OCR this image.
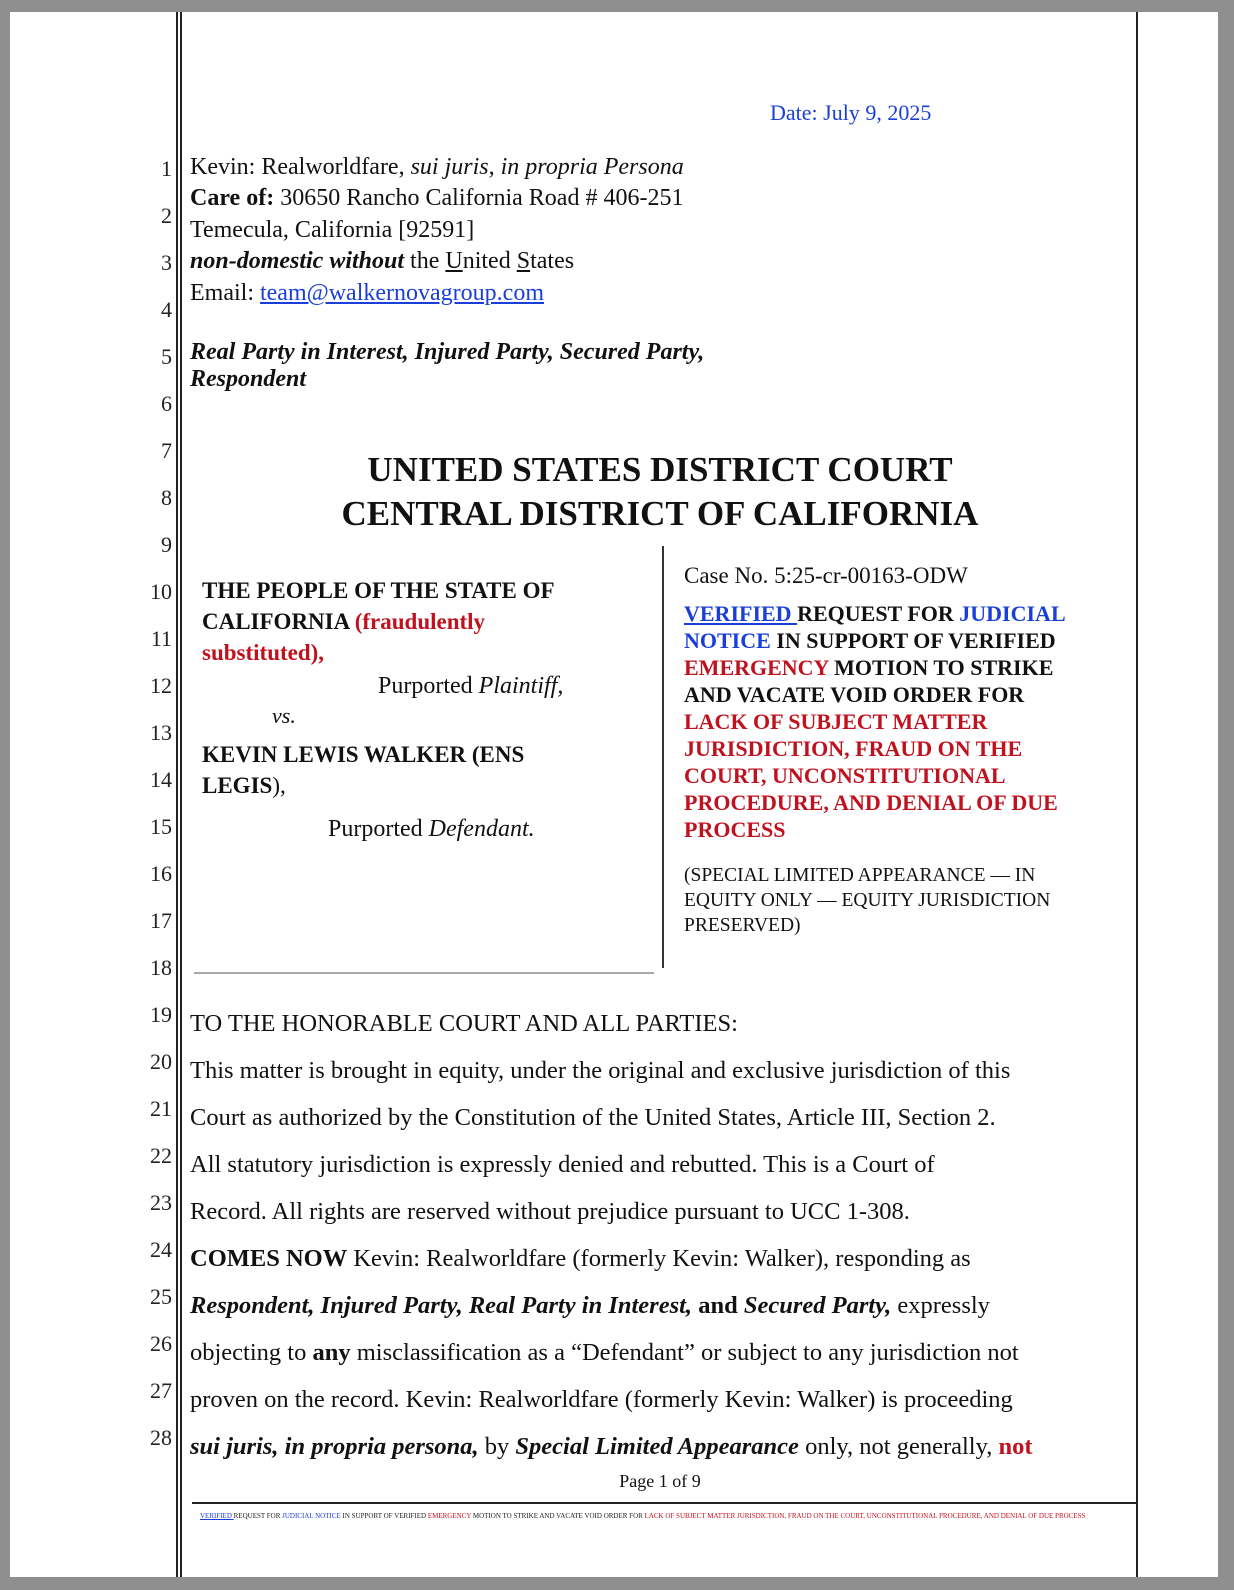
1
2
3
4
5
6
7
8
9
10
11
12
13
14
15
16
17
18
19
20
21
22
23
24
25
26
27
28
Date: July 9, 2025
Kevin: Realworldfare, sui juris, in propria Persona
Care of: 30650 Rancho California Road # 406-251
Temecula, California [92591]
non-domestic without the United States
Email: team@walkernovagroup.com
Real Party in Interest, Injured Party, Secured Party,
Respondent
UNITED STATES DISTRICT COURT
CENTRAL DISTRICT OF CALIFORNIA
THE PEOPLE OF THE STATE OF
CALIFORNIA (fraudulently
substituted),
Purported Plaintiff,
vs.
KEVIN LEWIS WALKER (ENS
LEGIS),
Purported Defendant.
Case No. 5:25-cr-00163-ODW
VERIFIED REQUEST FOR JUDICIAL
NOTICE IN SUPPORT OF VERIFIED
EMERGENCY MOTION TO STRIKE
AND VACATE VOID ORDER FOR
LACK OF SUBJECT MATTER
JURISDICTION, FRAUD ON THE
COURT, UNCONSTITUTIONAL
PROCEDURE, AND DENIAL OF DUE
PROCESS
(SPECIAL LIMITED APPEARANCE — IN
EQUITY ONLY — EQUITY JURISDICTION
PRESERVED)
TO THE HONORABLE COURT AND ALL PARTIES:
This matter is brought in equity, under the original and exclusive jurisdiction of this
Court as authorized by the Constitution of the United States, Article III, Section 2.
All statutory jurisdiction is expressly denied and rebutted. This is a Court of
Record. All rights are reserved without prejudice pursuant to UCC 1-308.
COMES NOW Kevin: Realworldfare (formerly Kevin: Walker), responding as
Respondent, Injured Party, Real Party in Interest, and Secured Party, expressly
objecting to any misclassification as a “Defendant” or subject to any jurisdiction not
proven on the record. Kevin: Realworldfare (formerly Kevin: Walker) is proceeding
sui juris, in propria persona, by Special Limited Appearance only, not generally, not
Page 1 of 9
VERIFIED REQUEST FOR JUDICIAL NOTICE IN SUPPORT OF VERIFIED EMERGENCY MOTION TO STRIKE AND VACATE VOID ORDER FOR LACK OF SUBJECT MATTER JURISDICTION, FRAUD ON THE COURT, UNCONSTITUTIONAL PROCEDURE, AND DENIAL OF DUE PROCESS
